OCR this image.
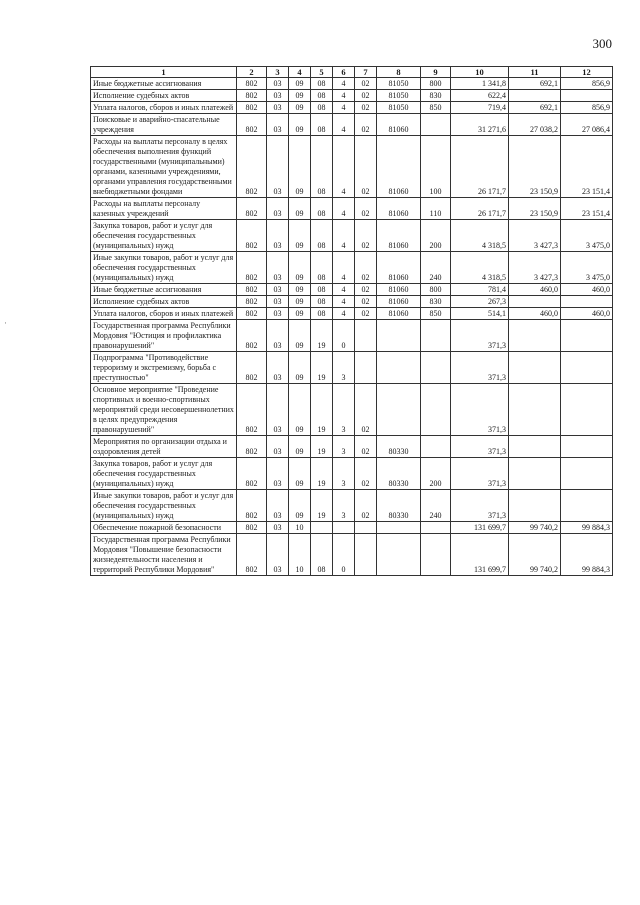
300
1	2	3	4	5	6	7	8	9	10	11	12
Иные бюджетные ассигнования	802	03	09	08	4	02	81050	800	1 341,8	692,1	856,9
Исполнение судебных актов	802	03	09	08	4	02	81050	830	622,4		
Уплата налогов, сборов и иных платежей	802	03	09	08	4	02	81050	850	719,4	692,1	856,9
Поисковые и аварийно-спасательные учреждения	802	03	09	08	4	02	81060		31 271,6	27 038,2	27 086,4
Расходы на выплаты персоналу в целях обеспечения выполнения функций государственными (муниципальными) органами, казенными учреждениями, органами управления государственными внебюджетными фондами	802	03	09	08	4	02	81060	100	26 171,7	23 150,9	23 151,4
Расходы на выплаты персоналу казенных учреждений	802	03	09	08	4	02	81060	110	26 171,7	23 150,9	23 151,4
Закупка товаров, работ и услуг для обеспечения государственных (муниципальных) нужд	802	03	09	08	4	02	81060	200	4 318,5	3 427,3	3 475,0
Иные закупки товаров, работ и услуг для обеспечения государственных (муниципальных) нужд	802	03	09	08	4	02	81060	240	4 318,5	3 427,3	3 475,0
Иные бюджетные ассигнования	802	03	09	08	4	02	81060	800	781,4	460,0	460,0
Исполнение судебных актов	802	03	09	08	4	02	81060	830	267,3		
Уплата налогов, сборов и иных платежей	802	03	09	08	4	02	81060	850	514,1	460,0	460,0
Государственная программа Республики Мордовия "Юстиция и профилактика правонарушений"	802	03	09	19	0				371,3		
Подпрограмма "Противодействие терроризму и экстремизму, борьба с преступностью"	802	03	09	19	3				371,3		
Основное мероприятие "Проведение спортивных и военно-спортивных мероприятий среди несовершеннолетних в целях предупреждения правонарушений"	802	03	09	19	3	02			371,3		
Мероприятия по организации отдыха и оздоровления детей	802	03	09	19	3	02	80330		371,3		
Закупка товаров, работ и услуг для обеспечения государственных (муниципальных) нужд	802	03	09	19	3	02	80330	200	371,3		
Иные закупки товаров, работ и услуг для обеспечения государственных (муниципальных) нужд	802	03	09	19	3	02	80330	240	371,3		
Обеспечение пожарной безопасности	802	03	10						131 699,7	99 740,2	99 884,3
Государственная программа Республики Мордовия "Повышение безопасности жизнедеятельности населения и территорий Республики Мордовия"	802	03	10	08	0				131 699,7	99 740,2	99 884,3
·
